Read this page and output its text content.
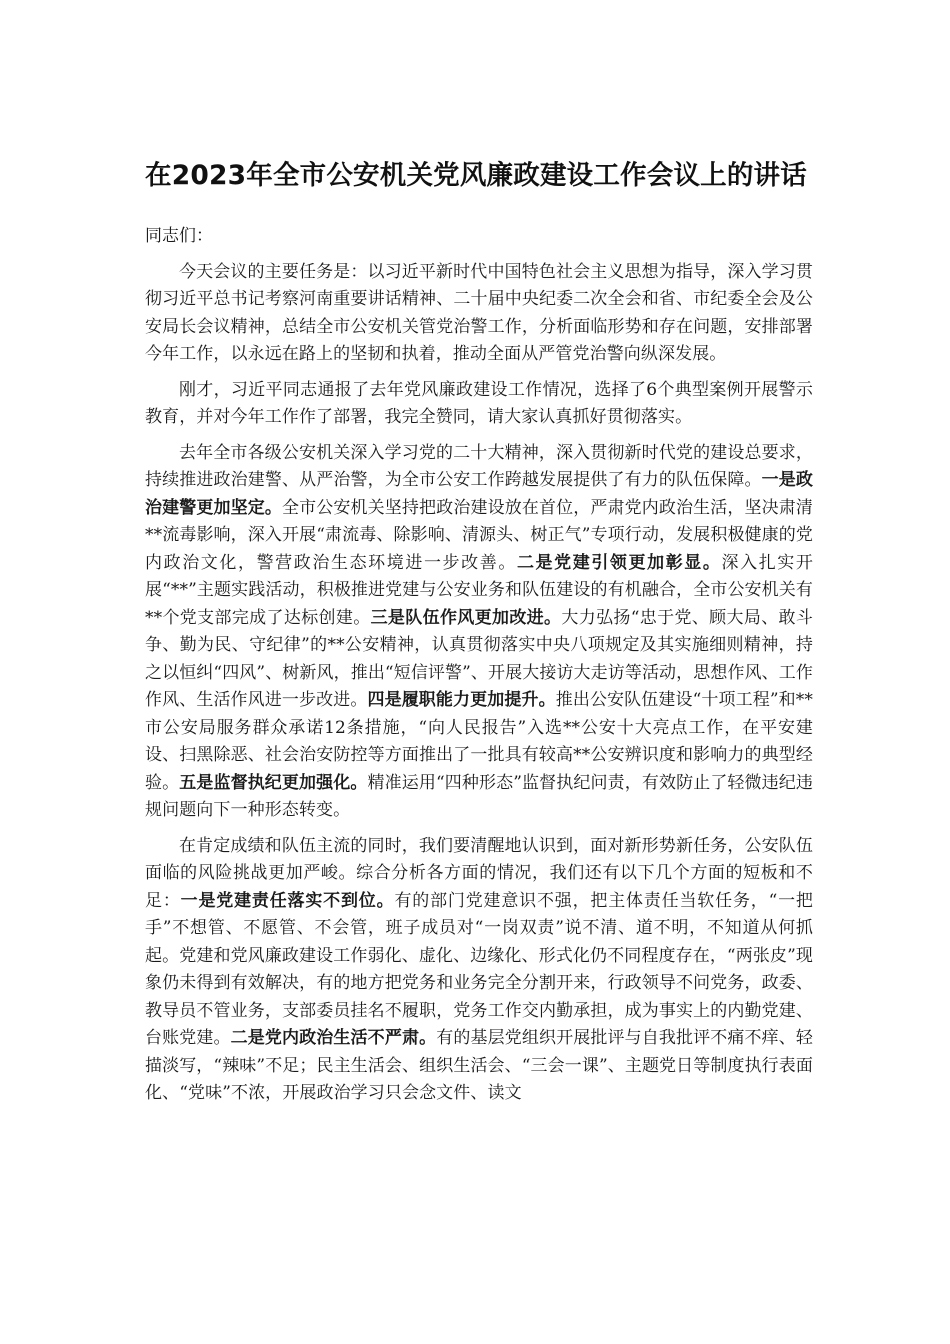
在2023年全市公安机关党风廉政建设工作会议上的讲话

同志们：

今天会议的主要任务是：以习近平新时代中国特色社会主义思想为指导，深入学习贯彻习近平总书记考察河南重要讲话精神、二十届中央纪委二次全会和省、市纪委全会及公安局长会议精神，总结全市公安机关管党治警工作，分析面临形势和存在问题，安排部署今年工作，以永远在路上的坚韧和执着，推动全面从严管党治警向纵深发展。

刚才，习近平同志通报了去年党风廉政建设工作情况，选择了6个典型案例开展警示教育，并对今年工作作了部署，我完全赞同，请大家认真抓好贯彻落实。

去年全市各级公安机关深入学习党的二十大精神，深入贯彻新时代党的建设总要求，持续推进政治建警、从严治警，为全市公安工作跨越发展提供了有力的队伍保障。一是政治建警更加坚定。全市公安机关坚持把政治建设放在首位，严肃党内政治生活，坚决肃清**流毒影响，深入开展“肃流毒、除影响、清源头、树正气”专项行动，发展积极健康的党内政治文化，警营政治生态环境进一步改善。二是党建引领更加彰显。深入扎实开展“**”主题实践活动，积极推进党建与公安业务和队伍建设的有机融合，全市公安机关有**个党支部完成了达标创建。三是队伍作风更加改进。大力弘扬“忠于党、顾大局、敢斗争、勤为民、守纪律”的**公安精神，认真贯彻落实中央八项规定及其实施细则精神，持之以恒纠“四风”、树新风，推出“短信评警”、开展大接访大走访等活动，思想作风、工作作风、生活作风进一步改进。四是履职能力更加提升。推出公安队伍建设“十项工程”和**市公安局服务群众承诺12条措施，“向人民报告”入选**公安十大亮点工作，在平安建设、扫黑除恶、社会治安防控等方面推出了一批具有较高**公安辨识度和影响力的典型经验。五是监督执纪更加强化。精准运用“四种形态”监督执纪问责，有效防止了轻微违纪违规问题向下一种形态转变。

在肯定成绩和队伍主流的同时，我们要清醒地认识到，面对新形势新任务，公安队伍面临的风险挑战更加严峻。综合分析各方面的情况，我们还有以下几个方面的短板和不足：一是党建责任落实不到位。有的部门党建意识不强，把主体责任当软任务，“一把手”不想管、不愿管、不会管，班子成员对“一岗双责”说不清、道不明，不知道从何抓起。党建和党风廉政建设工作弱化、虚化、边缘化、形式化仍不同程度存在，“两张皮”现象仍未得到有效解决，有的地方把党务和业务完全分割开来，行政领导不问党务，政委、教导员不管业务，支部委员挂名不履职，党务工作交内勤承担，成为事实上的内勤党建、台账党建。二是党内政治生活不严肃。有的基层党组织开展批评与自我批评不痛不痒、轻描淡写，“辣味”不足；民主生活会、组织生活会、“三会一课”、主题党日等制度执行表面化、“党味”不浓，开展政治学习只会念文件、读文
